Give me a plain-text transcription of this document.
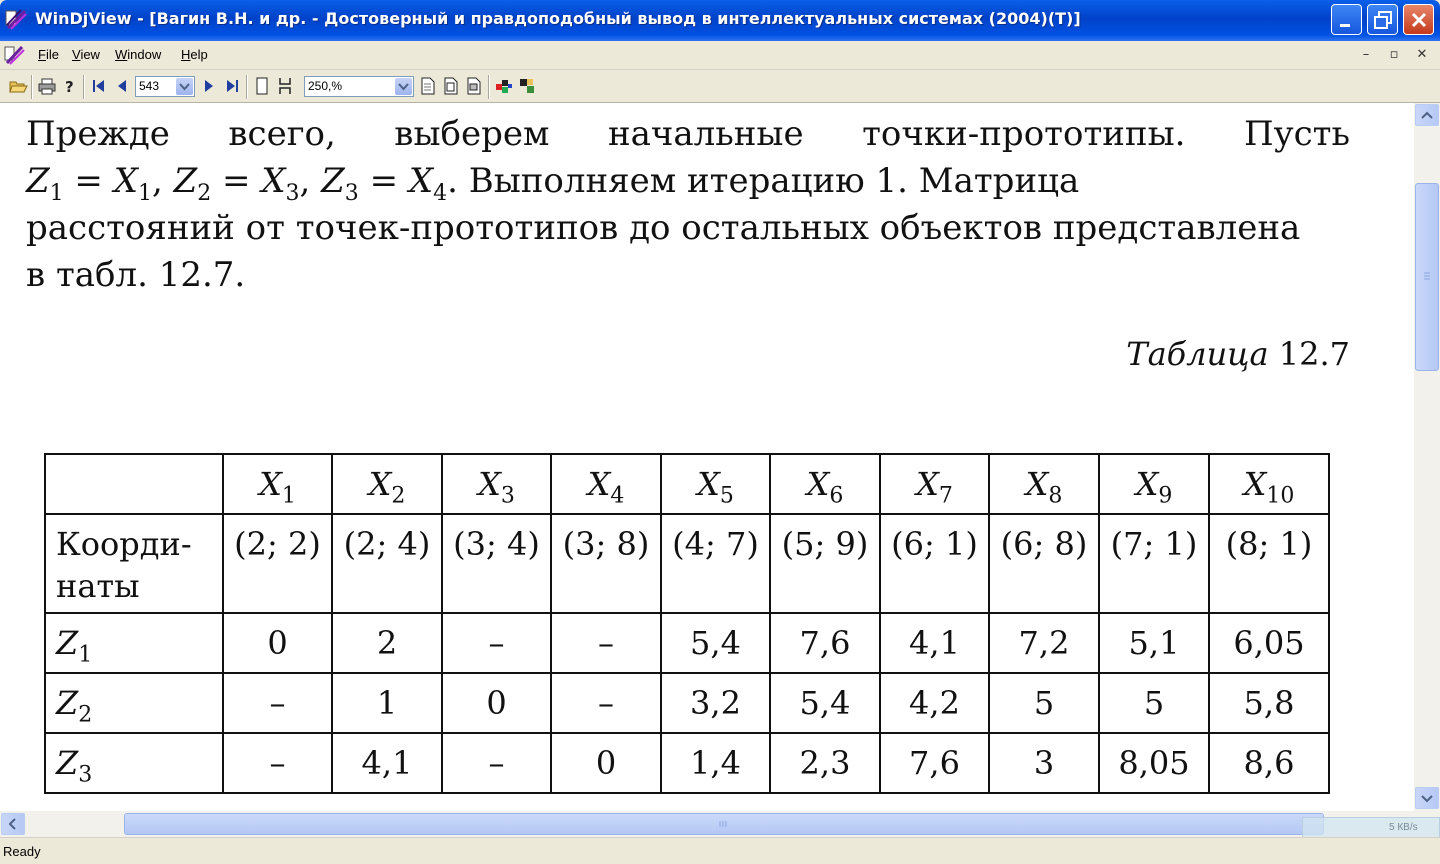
WinDjView - [Вагин В.Н. и др. - Достоверный и правдоподобный вывод в интеллектуальных системах (2004)(T)]
File View Window Help	–	▫	✕
?	543	250,%
Прежде всего, выберем начальные точки-прототипы. Пусть
$Z_1 = X_1$, $Z_2 = X_3$, $Z_3 = X_4$. Выполняем итерацию 1. Матрица
расстояний от точек-прототипов до остальных объектов представлена
в табл. 12.7.
Таблица 12.7
	$X_1$	$X_2$	$X_3$	$X_4$	$X_5$	$X_6$	$X_7$	$X_8$	$X_9$	$X_{10}$

Коорди-
наты	(2; 2)	(2; 4)	(3; 4)	(3; 8)	(4; 7)	(5; 9)	(6; 1)	(6; 8)	(7; 1)	(8; 1)
$Z_1$	0	2	–	–	5,4	7,6	4,1	7,2	5,1	6,05
$Z_2$	–	1	0	–	3,2	5,4	4,2	5	5	5,8
$Z_3$	–	4,1	–	0	1,4	2,3	7,6	3	8,05	8,6
5 КВ/s
Ready
